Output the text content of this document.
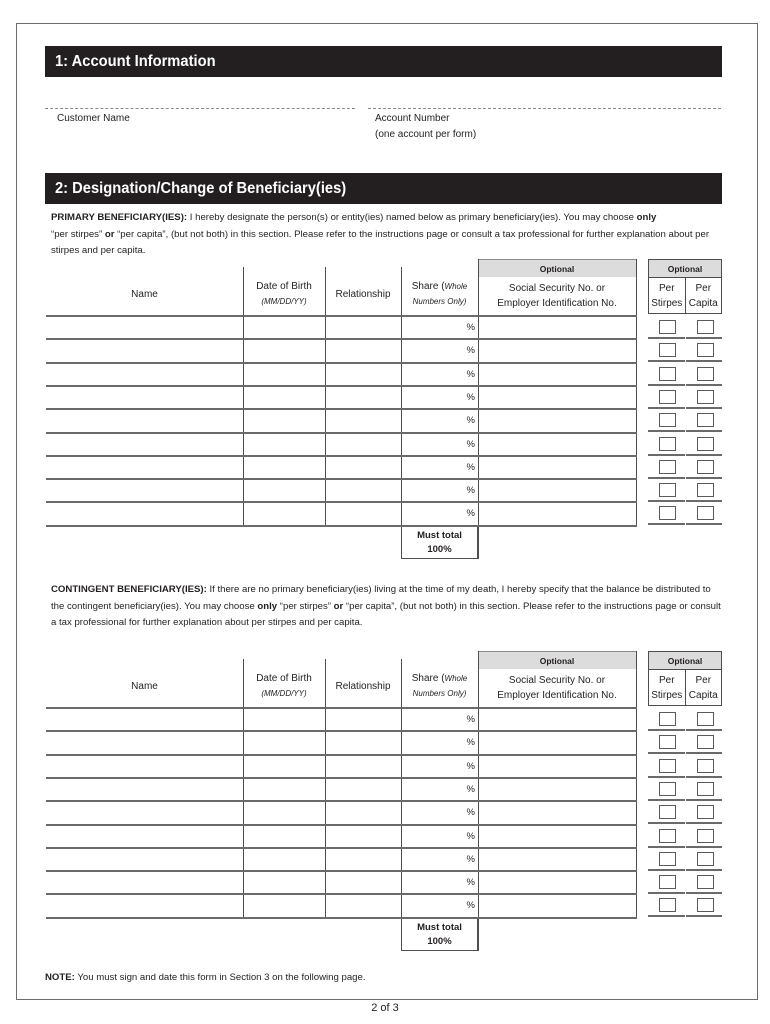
1: Account Information
Customer Name	Account Number
(one account per form)
2: Designation/Change of Beneficiary(ies)
PRIMARY BENEFICIARY(IES): I hereby designate the person(s) or entity(ies) named below as primary beneficiary(ies). You may choose only
“per stirpes” or “per capita”, (but not both) in this section. Please refer to the instructions page or consult a tax professional for further explanation about per stirpes and per capita.
Optional
Name
Date of Birth
(MM/DD/YY)
Relationship
Share (Whole
Numbers Only)
Social Security No. or
Employer Identification No.
%
%
%
%
%
%
%
%
%
Must total
100%
Optional
Per
Stirpes
Per
Capita
CONTINGENT BENEFICIARY(IES): If there are no primary beneficiary(ies) living at the time of my death, I hereby specify that the balance be distributed to the contingent beneficiary(ies). You may choose only “per stirpes” or “per capita”, (but not both) in this section. Please refer to the instructions page or consult a tax professional for further explanation about per stirpes and per capita.
Optional
Name
Date of Birth
(MM/DD/YY)
Relationship
Share (Whole
Numbers Only)
Social Security No. or
Employer Identification No.
%
%
%
%
%
%
%
%
%
Must total
100%
Optional
Per
Stirpes
Per
Capita
NOTE: You must sign and date this form in Section 3 on the following page.
2 of 3
